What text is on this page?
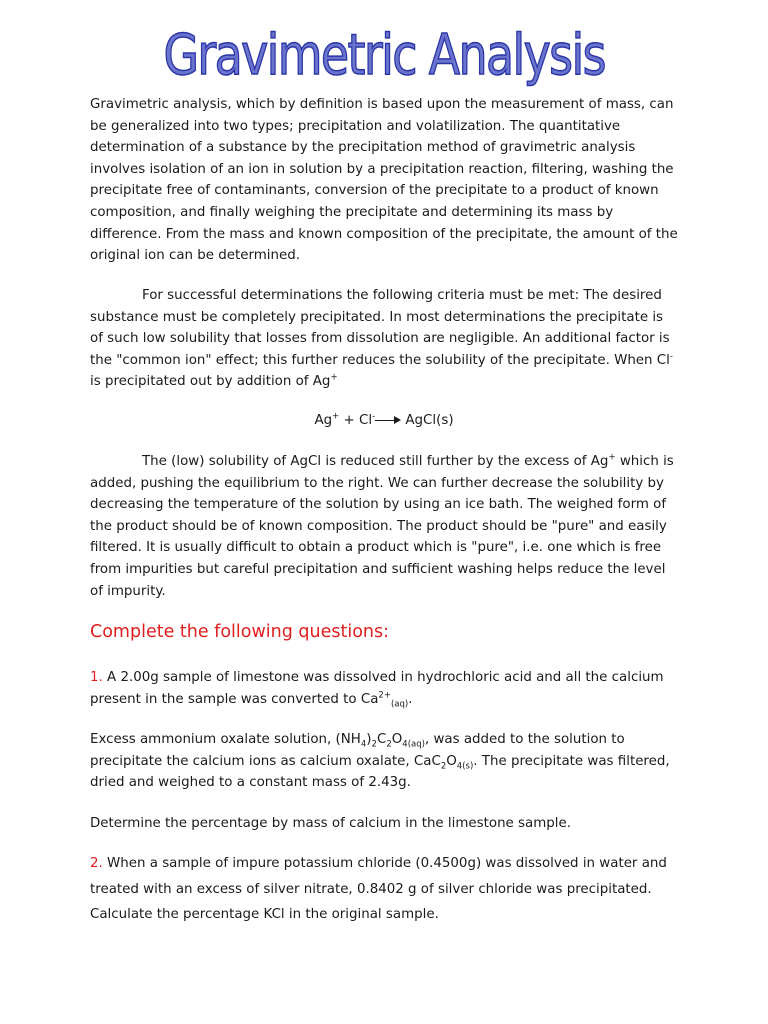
Gravimetric Analysis

Gravimetric analysis, which by definition is based upon the measurement of mass, can be generalized into two types; precipitation and volatilization. The quantitative determination of a substance by the precipitation method of gravimetric analysis involves isolation of an ion in solution by a precipitation reaction, filtering, washing the precipitate free of contaminants, conversion of the precipitate to a product of known composition, and finally weighing the precipitate and determining its mass by difference. From the mass and known composition of the precipitate, the amount of the original ion can be determined.

For successful determinations the following criteria must be met: The desired substance must be completely precipitated. In most determinations the precipitate is of such low solubility that losses from dissolution are negligible. An additional factor is the "common ion" effect; this further reduces the solubility of the precipitate. When Cl- is precipitated out by addition of Ag+

Ag+ + Cl- AgCl(s)

The (low) solubility of AgCl is reduced still further by the excess of Ag+ which is added, pushing the equilibrium to the right. We can further decrease the solubility by decreasing the temperature of the solution by using an ice bath. The weighed form of the product should be of known composition. The product should be "pure" and easily filtered. It is usually difficult to obtain a product which is "pure", i.e. one which is free from impurities but careful precipitation and sufficient washing helps reduce the level of impurity.

Complete the following questions:

1. A 2.00g sample of limestone was dissolved in hydrochloric acid and all the calcium present in the sample was converted to $Ca^{2+}_{(aq)}$.

Excess ammonium oxalate solution, $(NH_4)_2C_2O_{4(aq)}$, was added to the solution to precipitate the calcium ions as calcium oxalate, $CaC_2O_{4(s)}$. The precipitate was filtered, dried and weighed to a constant mass of 2.43g.

Determine the percentage by mass of calcium in the limestone sample.

2. When a sample of impure potassium chloride (0.4500g) was dissolved in water and treated with an excess of silver nitrate, 0.8402 g of silver chloride was precipitated. Calculate the percentage KCl in the original sample.
